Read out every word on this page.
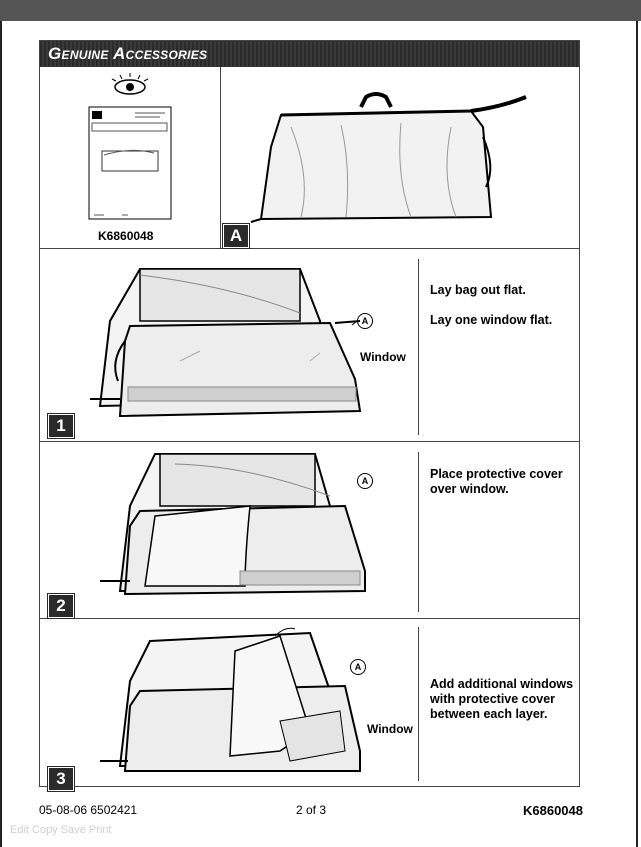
Genuine Accessories
K6860048	A
A
Window
Lay bag out flat.

Lay one window flat.
1
A	Place protective cover
over window.
2
A
Window
Add additional windows
with protective cover
between each layer.
3
05-08-06 6502421	2 of 3	K6860048
Edit Copy Save Print
